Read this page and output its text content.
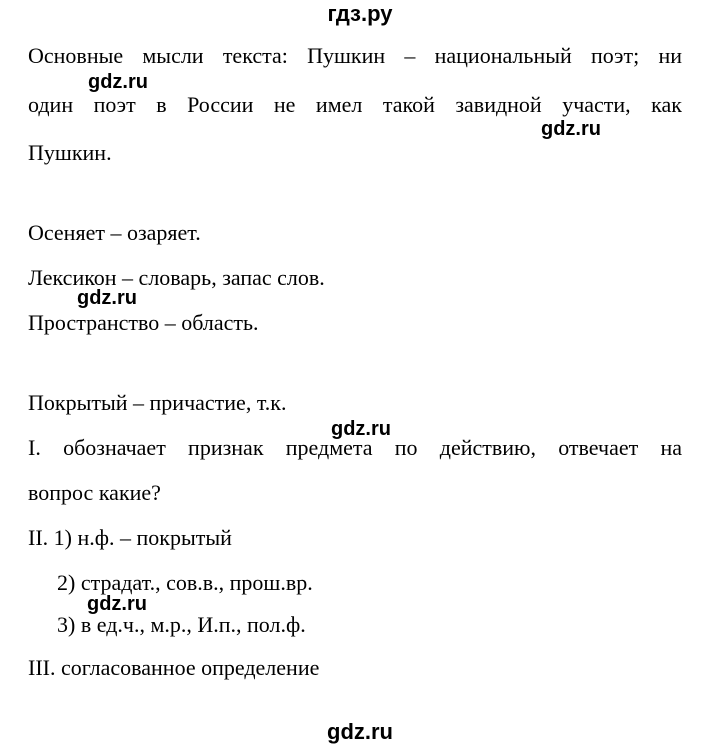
гдз.ру
Основные мысли текста: Пушкин – национальный поэт; ни
один поэт в России не имел такой завидной участи, как
Пушкин.
Осеняет – озаряет.
Лексикон – словарь, запас слов.
Пространство – область.
Покрытый – причастие, т.к.
I. обозначает признак предмета по действию, отвечает на
вопрос какие?
II. 1) н.ф. – покрытый
2) страдат., сов.в., прош.вр.
3) в ед.ч., м.р., И.п., пол.ф.
III. согласованное определение
gdz.ru
gdz.ru
gdz.ru
gdz.ru
gdz.ru
gdz.ru
